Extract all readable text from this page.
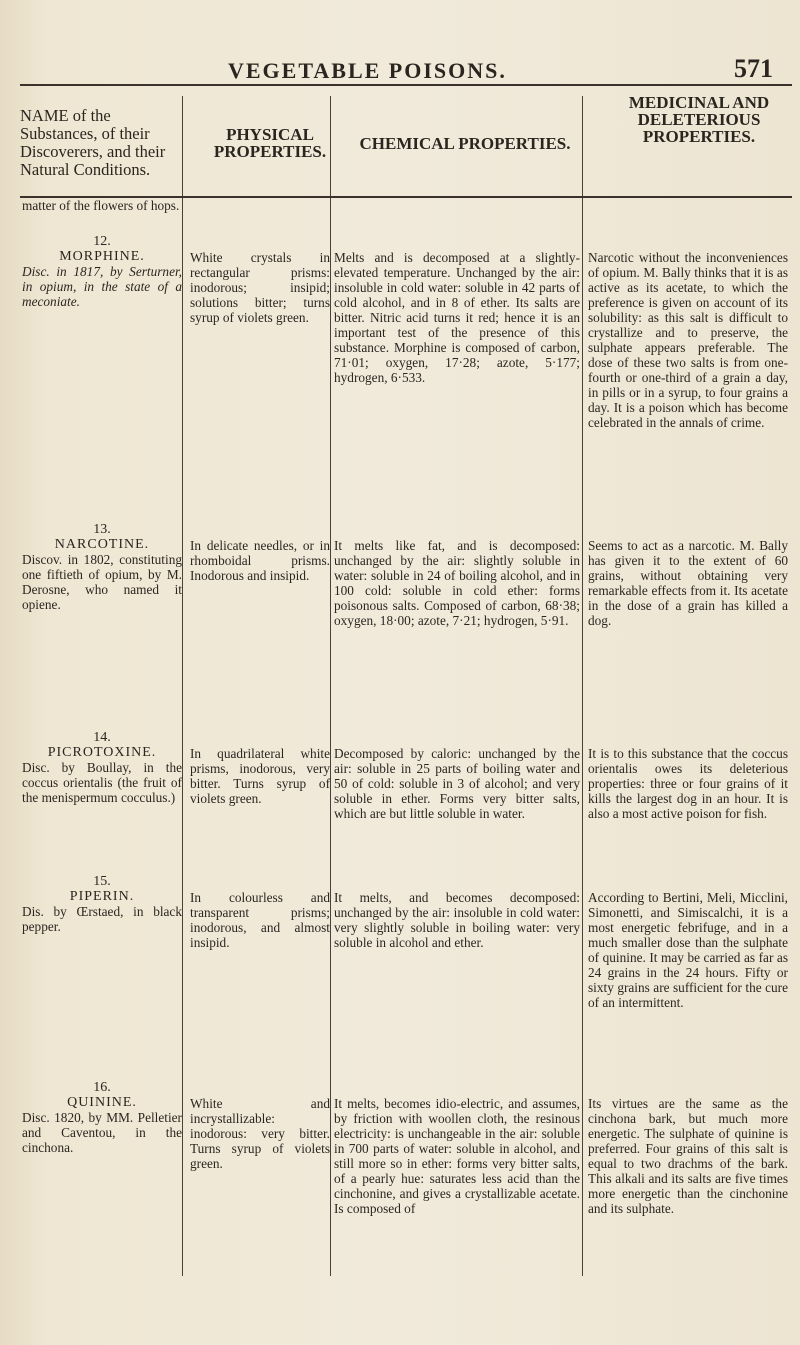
VEGETABLE POISONS.	571
NAME of the Substances, of their Discoverers, and their Natural Conditions.
PHYSICAL PROPERTIES.	CHEMICAL PROPERTIES.
MEDICINAL AND DELETERIOUS PROPERTIES.
matter of the flowers of hops.
12.
MORPHINE.
Disc. in 1817, by Serturner, in opium, in the state of a meconiate.
White crystals in rectangular prisms: inodorous; insipid; solutions bitter; turns syrup of violets green.
Melts and is decomposed at a slightly-elevated temperature. Unchanged by the air: insoluble in cold water: soluble in 42 parts of cold alcohol, and in 8 of ether. Its salts are bitter. Nitric acid turns it red; hence it is an important test of the presence of this substance. Morphine is composed of carbon, 71·01; oxygen, 17·28; azote, 5·177; hydrogen, 6·533.
Narcotic without the inconveniences of opium. M. Bally thinks that it is as active as its acetate, to which the preference is given on account of its solubility: as this salt is difficult to crystallize and to preserve, the sulphate appears preferable. The dose of these two salts is from one-fourth or one-third of a grain a day, in pills or in a syrup, to four grains a day. It is a poison which has become celebrated in the annals of crime.
13.
NARCOTINE.
Discov. in 1802, constituting one fiftieth of opium, by M. Derosne, who named it opiene.
In delicate needles, or in rhomboidal prisms. Inodorous and insipid.
It melts like fat, and is decomposed: unchanged by the air: slightly soluble in water: soluble in 24 of boiling alcohol, and in 100 cold: soluble in cold ether: forms poisonous salts. Composed of carbon, 68·38; oxygen, 18·00; azote, 7·21; hydrogen, 5·91.
Seems to act as a narcotic. M. Bally has given it to the extent of 60 grains, without obtaining very remarkable effects from it. Its acetate in the dose of a grain has killed a dog.
14.
PICROTOXINE.
Disc. by Boullay, in the coccus orientalis (the fruit of the menispermum cocculus.)
In quadrilateral white prisms, inodorous, very bitter. Turns syrup of violets green.
Decomposed by caloric: unchanged by the air: soluble in 25 parts of boiling water and 50 of cold: soluble in 3 of alcohol; and very soluble in ether. Forms very bitter salts, which are but little soluble in water.
It is to this substance that the coccus orientalis owes its deleterious properties: three or four grains of it kills the largest dog in an hour. It is also a most active poison for fish.
15.
PIPERIN.
Dis. by Œrstaed, in black pepper.
In colourless and transparent prisms; inodorous, and almost insipid.
It melts, and becomes decomposed: unchanged by the air: insoluble in cold water: very slightly soluble in boiling water: very soluble in alcohol and ether.
According to Bertini, Meli, Micclini, Simonetti, and Simiscalchi, it is a most energetic febrifuge, and in a much smaller dose than the sulphate of quinine. It may be carried as far as 24 grains in the 24 hours. Fifty or sixty grains are sufficient for the cure of an intermittent.
16.
QUININE.
Disc. 1820, by MM. Pelletier and Caventou, in the cinchona.
White and incrystallizable: inodorous: very bitter. Turns syrup of violets green.
It melts, becomes idio-electric, and assumes, by friction with woollen cloth, the resinous electricity: is unchangeable in the air: soluble in 700 parts of water: soluble in alcohol, and still more so in ether: forms very bitter salts, of a pearly hue: saturates less acid than the cinchonine, and gives a crystallizable acetate. Is composed of
Its virtues are the same as the cinchona bark, but much more energetic. The sulphate of quinine is preferred. Four grains of this salt is equal to two drachms of the bark. This alkali and its salts are five times more energetic than the cinchonine and its sulphate.
